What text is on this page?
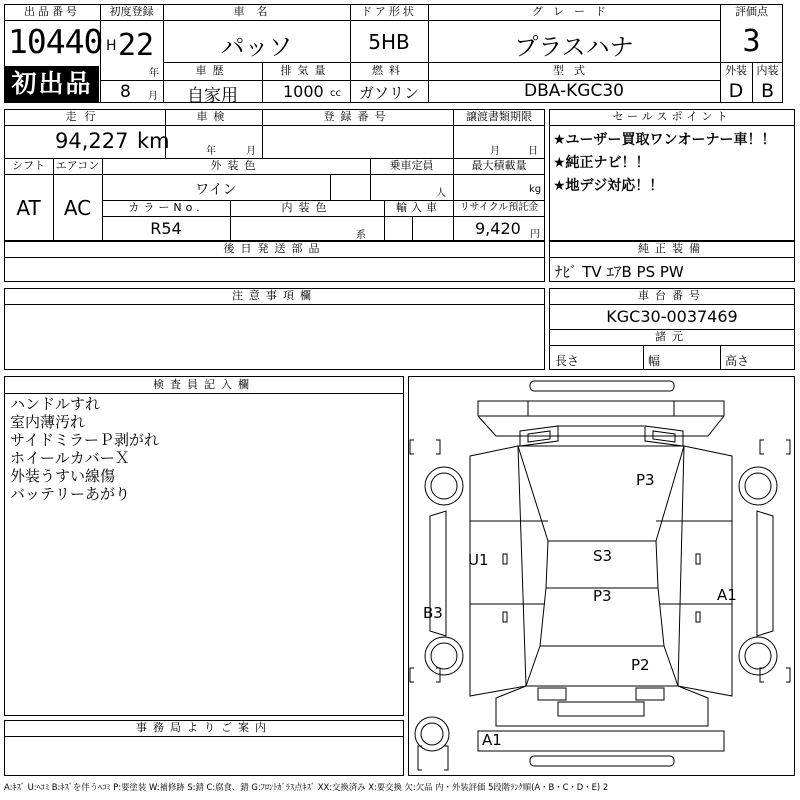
出品番号
10440
初出品
初度登録
H 22
年
8 月
車名
パッソ
ドア形状
5HB
グレード
プラスハナ
評価点
3
車歴
自家用
排気量
1000 cc
燃料
ガソリン
型式
DBA-KGC30
外装 内装
D B
走行
94,227 km
車検
年	月
登録番号	譲渡書類期限
月	日
シフト エアコン
AT	AC
外装色
ワイン
乗車定員
人
最大積載量
kg
カラーNo.
R54
内装色
系
輸入車	リサイクル預託金
9,420 円
後日発送部品
セールスポイント
★ユーザー買取ワンオーナー車！！
★純正ナビ！！
★地デジ対応！！
純正装備
ﾅﾋﾞ TV ｴｱB PS PW
注意事項欄	車台番号
KGC30-0037469
諸元
長さ	幅	高さ
検査員記入欄
ハンドルすれ
室内薄汚れ
サイドミラーＰ剥がれ
ホイールカバーＸ
外装うすい線傷
バッテリーあがり
事務局よりご案内
P3
U1	S3
P3	A1
B3
P2
A1
A:ｷｽﾞ U:ﾍｺﾐ B:ｷｽﾞを伴うﾍｺﾐ P:要塗装 W:補修跡 S:錆 C:腐食、錆 G:ﾌﾛﾝﾄｶﾞﾗｽ点ｷｽﾞ XX:交換済み X:要交換 欠:欠品 内・外装評価 5段階ﾗﾝｸ順(A・B・C・D・E) 2
